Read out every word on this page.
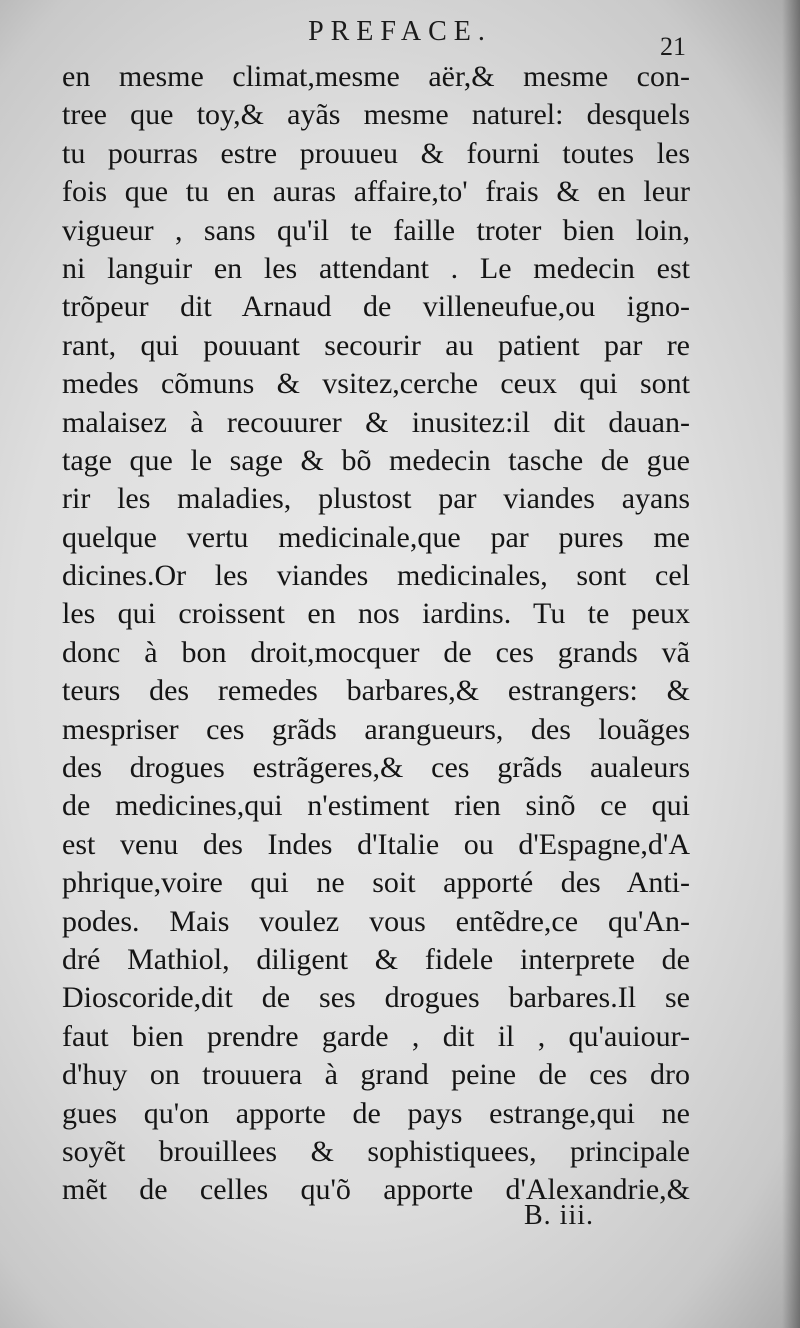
PREFACE.	21
en mesme climat,mesme aër,& mesme con-
tree que toy,& ayãs mesme naturel: desquels
tu pourras estre prouueu & fourni toutes les
fois que tu en auras affaire,to' frais & en leur
vigueur , sans qu'il te faille troter bien loin,
ni languir en les attendant . Le medecin est
trõpeur dit Arnaud de villeneufue,ou igno-
rant, qui pouuant secourir au patient par re
medes cõmuns & vsitez,cerche ceux qui sont
malaisez à recouurer & inusitez:il dit dauan-
tage que le sage & bõ medecin tasche de gue
rir les maladies, plustost par viandes ayans
quelque vertu medicinale,que par pures me
dicines.Or les viandes medicinales, sont cel
les qui croissent en nos iardins. Tu te peux
donc à bon droit,mocquer de ces grands vã
teurs des remedes barbares,& estrangers: &
mespriser ces grãds arangueurs, des louãges
des drogues estrãgeres,& ces grãds aualeurs
de medicines,qui n'estiment rien sinõ ce qui
est venu des Indes d'Italie ou d'Espagne,d'A
phrique,voire qui ne soit apporté des Anti-
podes. Mais voulez vous entẽdre,ce qu'An-
dré Mathiol, diligent & fidele interprete de
Dioscoride,dit de ses drogues barbares.Il se
faut bien prendre garde , dit il , qu'auiour-
d'huy on trouuera à grand peine de ces dro
gues qu'on apporte de pays estrange,qui ne
soyẽt brouillees & sophistiquees, principale
mẽt de celles qu'õ apporte d'Alexandrie,&
B. iii.
